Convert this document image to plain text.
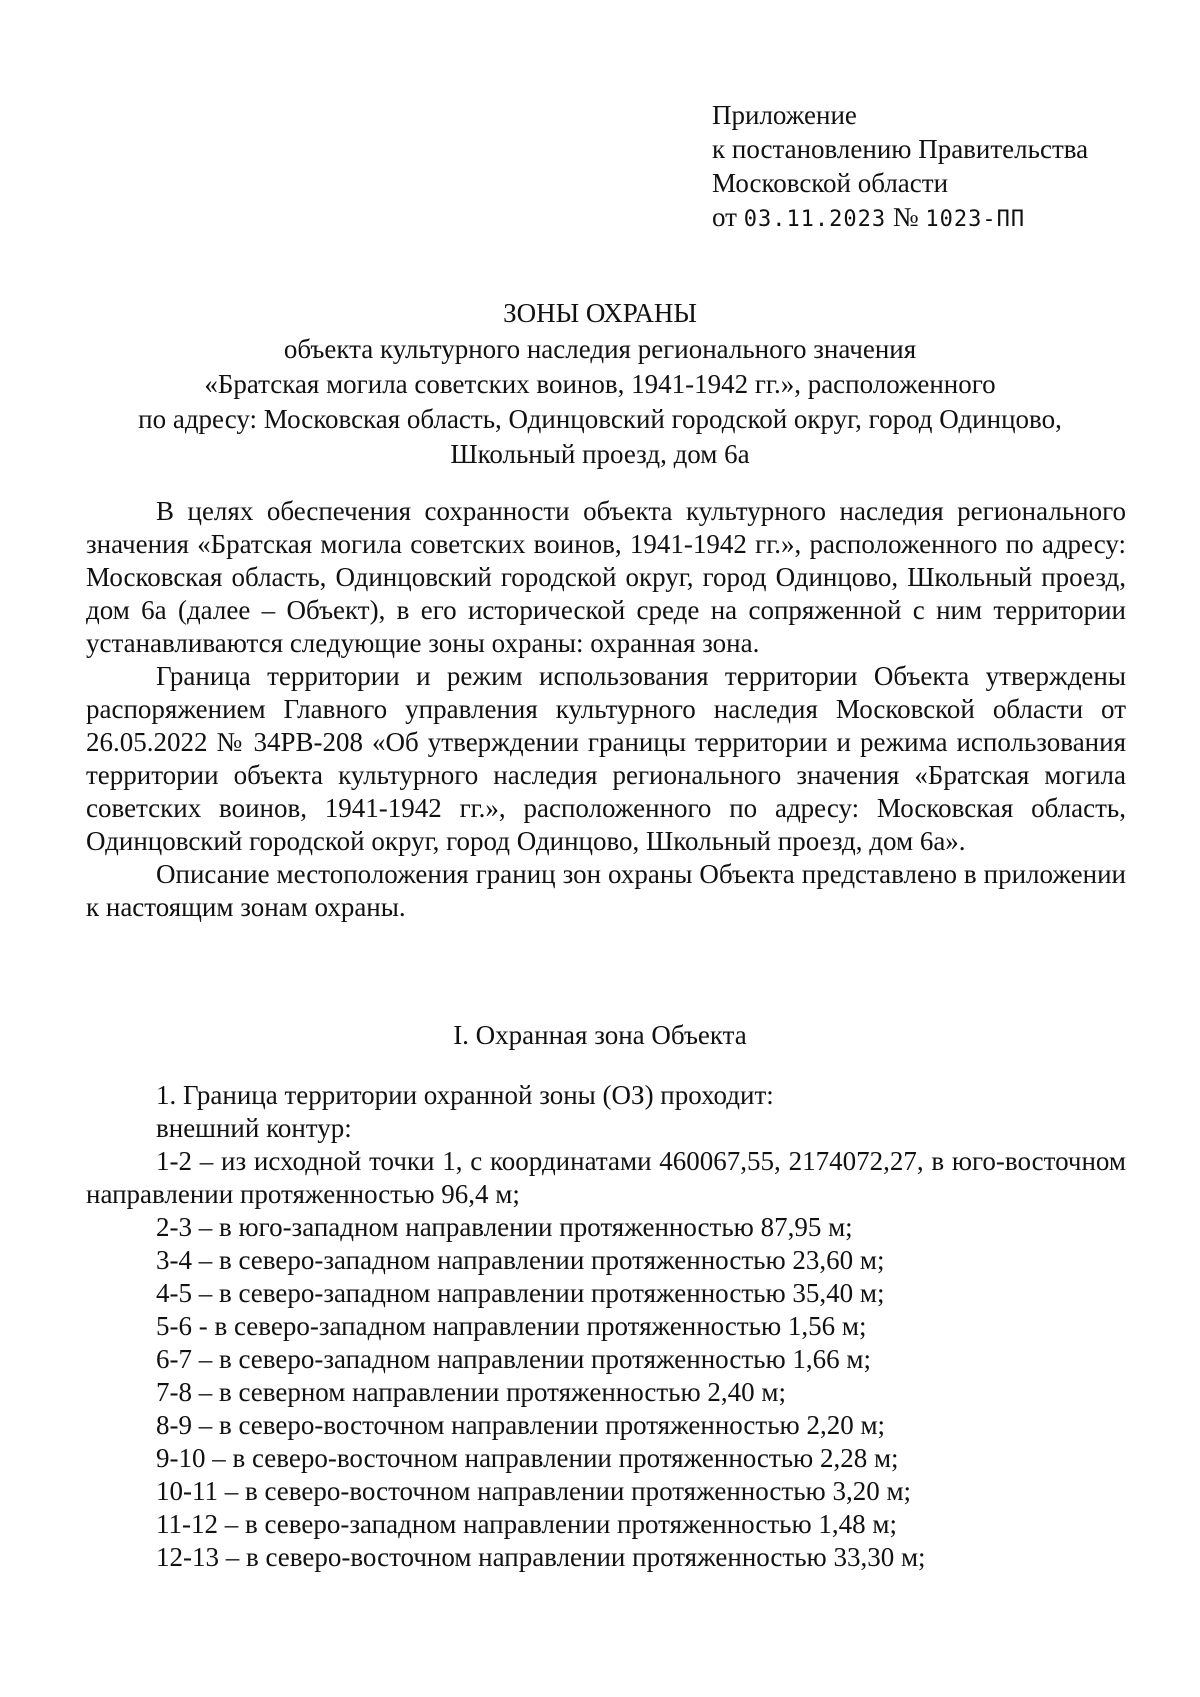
Приложение
к постановлению Правительства
Московской области
от 03.11.2023 № 1023-ПП
ЗОНЫ ОХРАНЫ
объекта культурного наследия регионального значения
«Братская могила советских воинов, 1941-1942 гг.», расположенного
по адресу: Московская область, Одинцовский городской округ, город Одинцово,
Школьный проезд, дом 6а

В целях обеспечения сохранности объекта культурного наследия регионального значения «Братская могила советских воинов, 1941-1942 гг.», расположенного по адресу: Московская область, Одинцовский городской округ, город Одинцово, Школьный проезд, дом 6а (далее – Объект), в его исторической среде на сопряженной с ним территории устанавливаются следующие зоны охраны: охранная зона.

Граница территории и режим использования территории Объекта утверждены распоряжением Главного управления культурного наследия Московской области от 26.05.2022 № 34РВ-208 «Об утверждении границы территории и режима использования территории объекта культурного наследия регионального значения «Братская могила советских воинов, 1941-1942 гг.», расположенного по адресу: Московская область, Одинцовский городской округ, город Одинцово, Школьный проезд, дом 6а».

Описание местоположения границ зон охраны Объекта представлено в приложении к настоящим зонам охраны.

I. Охранная зона Объекта
1. Граница территории охранной зоны (ОЗ) проходит:
внешний контур:
1-2 – из исходной точки 1, с координатами 460067,55, 2174072,27, в юго-восточном направлении протяженностью 96,4 м;
2-3 – в юго-западном направлении протяженностью 87,95 м;
3-4 – в северо-западном направлении протяженностью 23,60 м;
4-5 – в северо-западном направлении протяженностью 35,40 м;
5-6 - в северо-западном направлении протяженностью 1,56 м;
6-7 – в северо-западном направлении протяженностью 1,66 м;
7-8 – в северном направлении протяженностью 2,40 м;
8-9 – в северо-восточном направлении протяженностью 2,20 м;
9-10 – в северо-восточном направлении протяженностью 2,28 м;
10-11 – в северо-восточном направлении протяженностью 3,20 м;
11-12 – в северо-западном направлении протяженностью 1,48 м;
12-13 – в северо-восточном направлении протяженностью 33,30 м;
